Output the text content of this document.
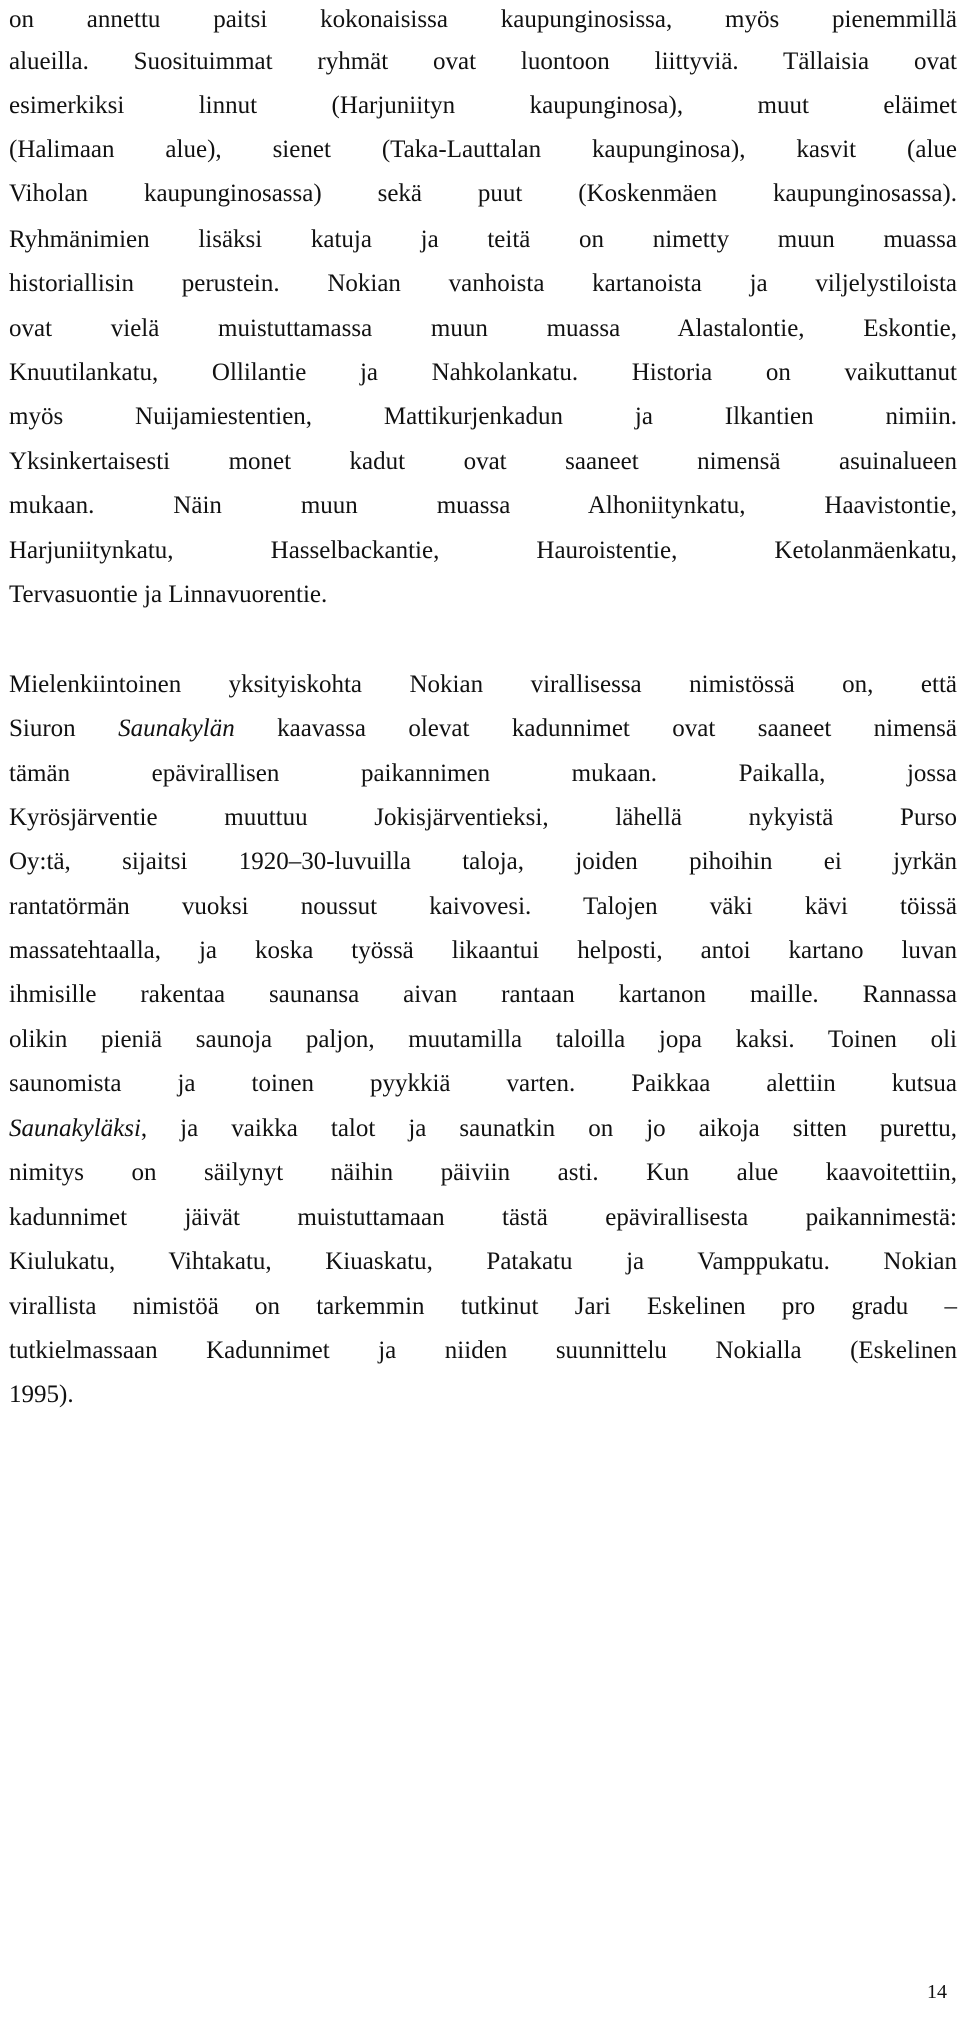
on annettu paitsi kokonaisissa kaupunginosissa, myös pienemmillä
alueilla. Suosituimmat ryhmät ovat luontoon liittyviä. Tällaisia ovat
esimerkiksi linnut (Harjuniityn kaupunginosa), muut eläimet
(Halimaan alue), sienet (Taka-Lauttalan kaupunginosa), kasvit (alue
Viholan kaupunginosassa) sekä puut (Koskenmäen kaupunginosassa).
Ryhmänimien lisäksi katuja ja teitä on nimetty muun muassa
historiallisin perustein. Nokian vanhoista kartanoista ja viljelystiloista
ovat vielä muistuttamassa muun muassa Alastalontie, Eskontie,
Knuutilankatu, Ollilantie ja Nahkolankatu. Historia on vaikuttanut
myös Nuijamiestentien, Mattikurjenkadun ja Ilkantien nimiin.
Yksinkertaisesti monet kadut ovat saaneet nimensä asuinalueen
mukaan. Näin muun muassa Alhoniitynkatu, Haavistontie,
Harjuniitynkatu, Hasselbackantie, Hauroistentie, Ketolanmäenkatu,
Tervasuontie ja Linnavuorentie.
Mielenkiintoinen yksityiskohta Nokian virallisessa nimistössä on, että
Siuron Saunakylän kaavassa olevat kadunnimet ovat saaneet nimensä
tämän epävirallisen paikannimen mukaan. Paikalla, jossa
Kyrösjärventie muuttuu Jokisjärventieksi, lähellä nykyistä Purso
Oy:tä, sijaitsi 1920–30-luvuilla taloja, joiden pihoihin ei jyrkän
rantatörmän vuoksi noussut kaivovesi. Talojen väki kävi töissä
massatehtaalla, ja koska työssä likaantui helposti, antoi kartano luvan
ihmisille rakentaa saunansa aivan rantaan kartanon maille. Rannassa
olikin pieniä saunoja paljon, muutamilla taloilla jopa kaksi. Toinen oli
saunomista ja toinen pyykkiä varten. Paikkaa alettiin kutsua
Saunakyläksi, ja vaikka talot ja saunatkin on jo aikoja sitten purettu,
nimitys on säilynyt näihin päiviin asti. Kun alue kaavoitettiin,
kadunnimet jäivät muistuttamaan tästä epävirallisesta paikannimestä:
Kiulukatu, Vihtakatu, Kiuaskatu, Patakatu ja Vamppukatu. Nokian
virallista nimistöä on tarkemmin tutkinut Jari Eskelinen pro gradu –
tutkielmassaan Kadunnimet ja niiden suunnittelu Nokialla (Eskelinen
1995).
14
